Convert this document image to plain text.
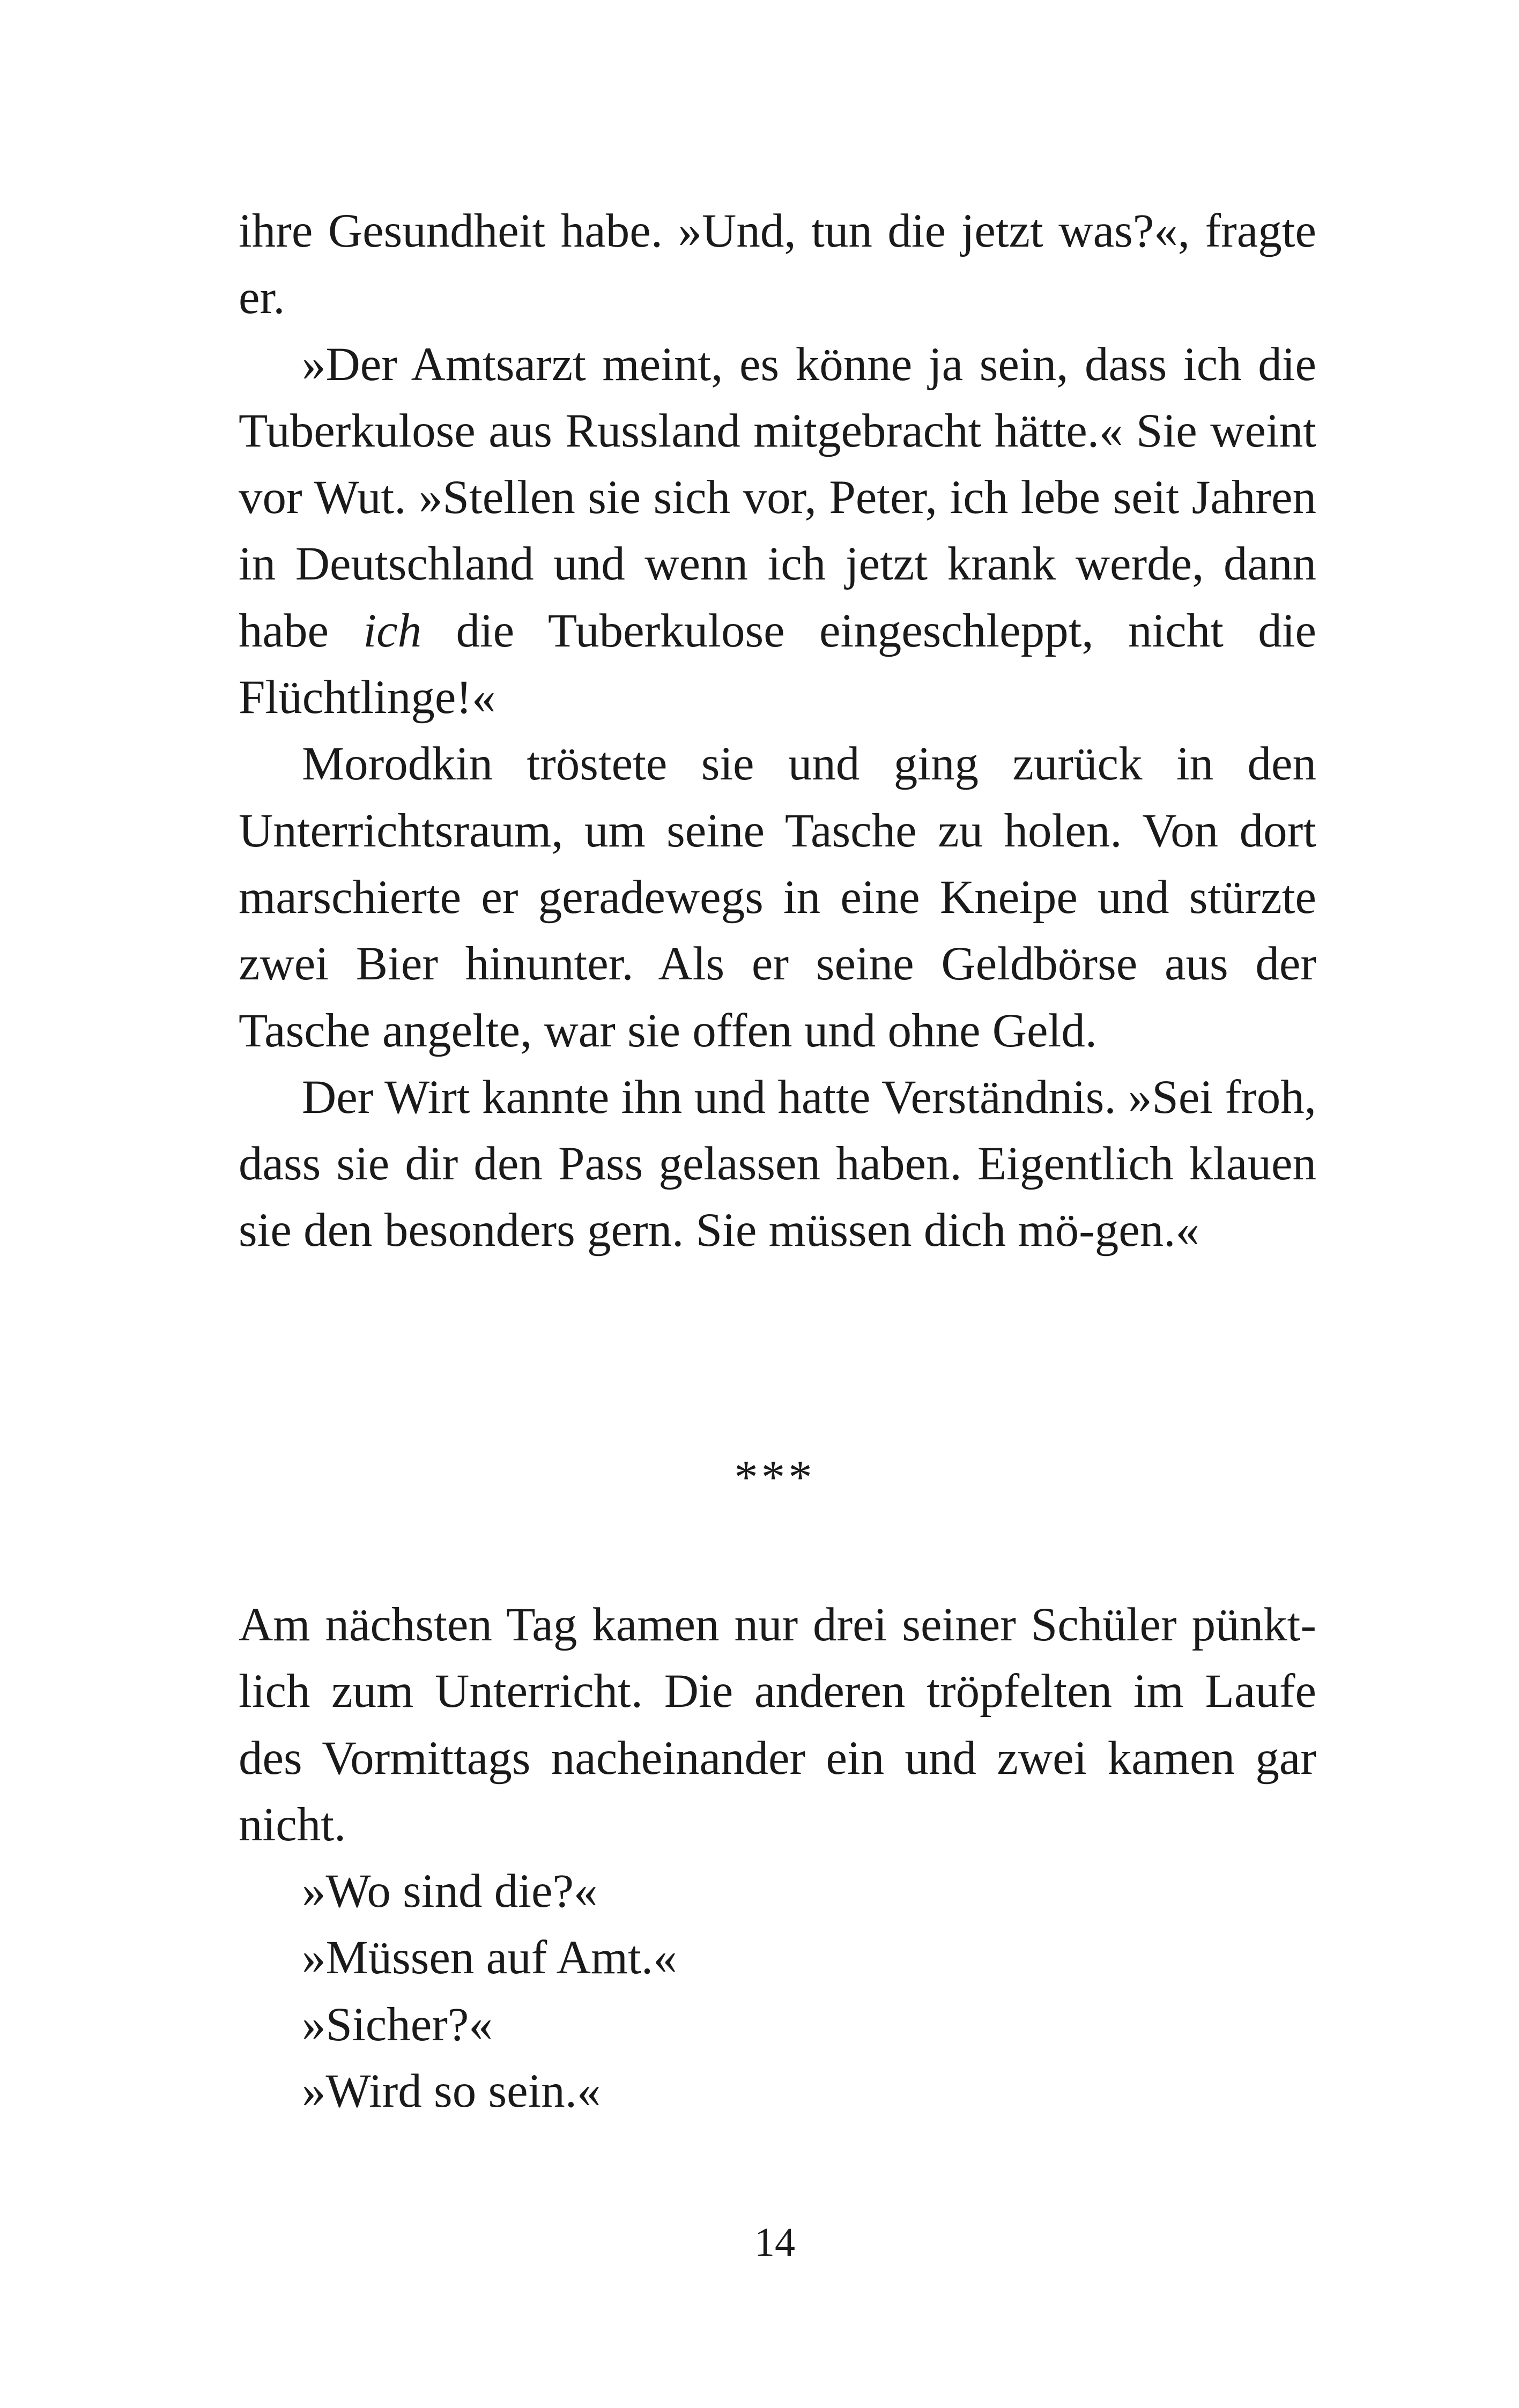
ihre Gesundheit habe. »Und, tun die jetzt was?«, fragte er.

»Der Amtsarzt meint, es könne ja sein, dass ich die Tuberkulose aus Russland mitgebracht hätte.« Sie weint vor Wut. »Stellen sie sich vor, Peter, ich lebe seit Jahren in Deutschland und wenn ich jetzt krank werde, dann habe ich die Tuberkulose eingeschleppt, nicht die Flüchtlinge!«

Morodkin tröstete sie und ging zurück in den Unterrichtsraum, um seine Tasche zu holen. Von dort marschierte er geradewegs in eine Kneipe und stürzte zwei Bier hinunter. Als er seine Geldbörse aus der Tasche angelte, war sie offen und ohne Geld.

Der Wirt kannte ihn und hatte Verständnis. »Sei froh, dass sie dir den Pass gelassen haben. Eigentlich klauen sie den besonders gern. Sie müssen dich mö-gen.«

***

Am nächsten Tag kamen nur drei seiner Schüler pünktlich zum Unterricht. Die anderen tröpfelten im Laufe des Vormittags nacheinander ein und zwei kamen gar nicht.

»Wo sind die?«

»Müssen auf Amt.«

»Sicher?«

»Wird so sein.«

14
